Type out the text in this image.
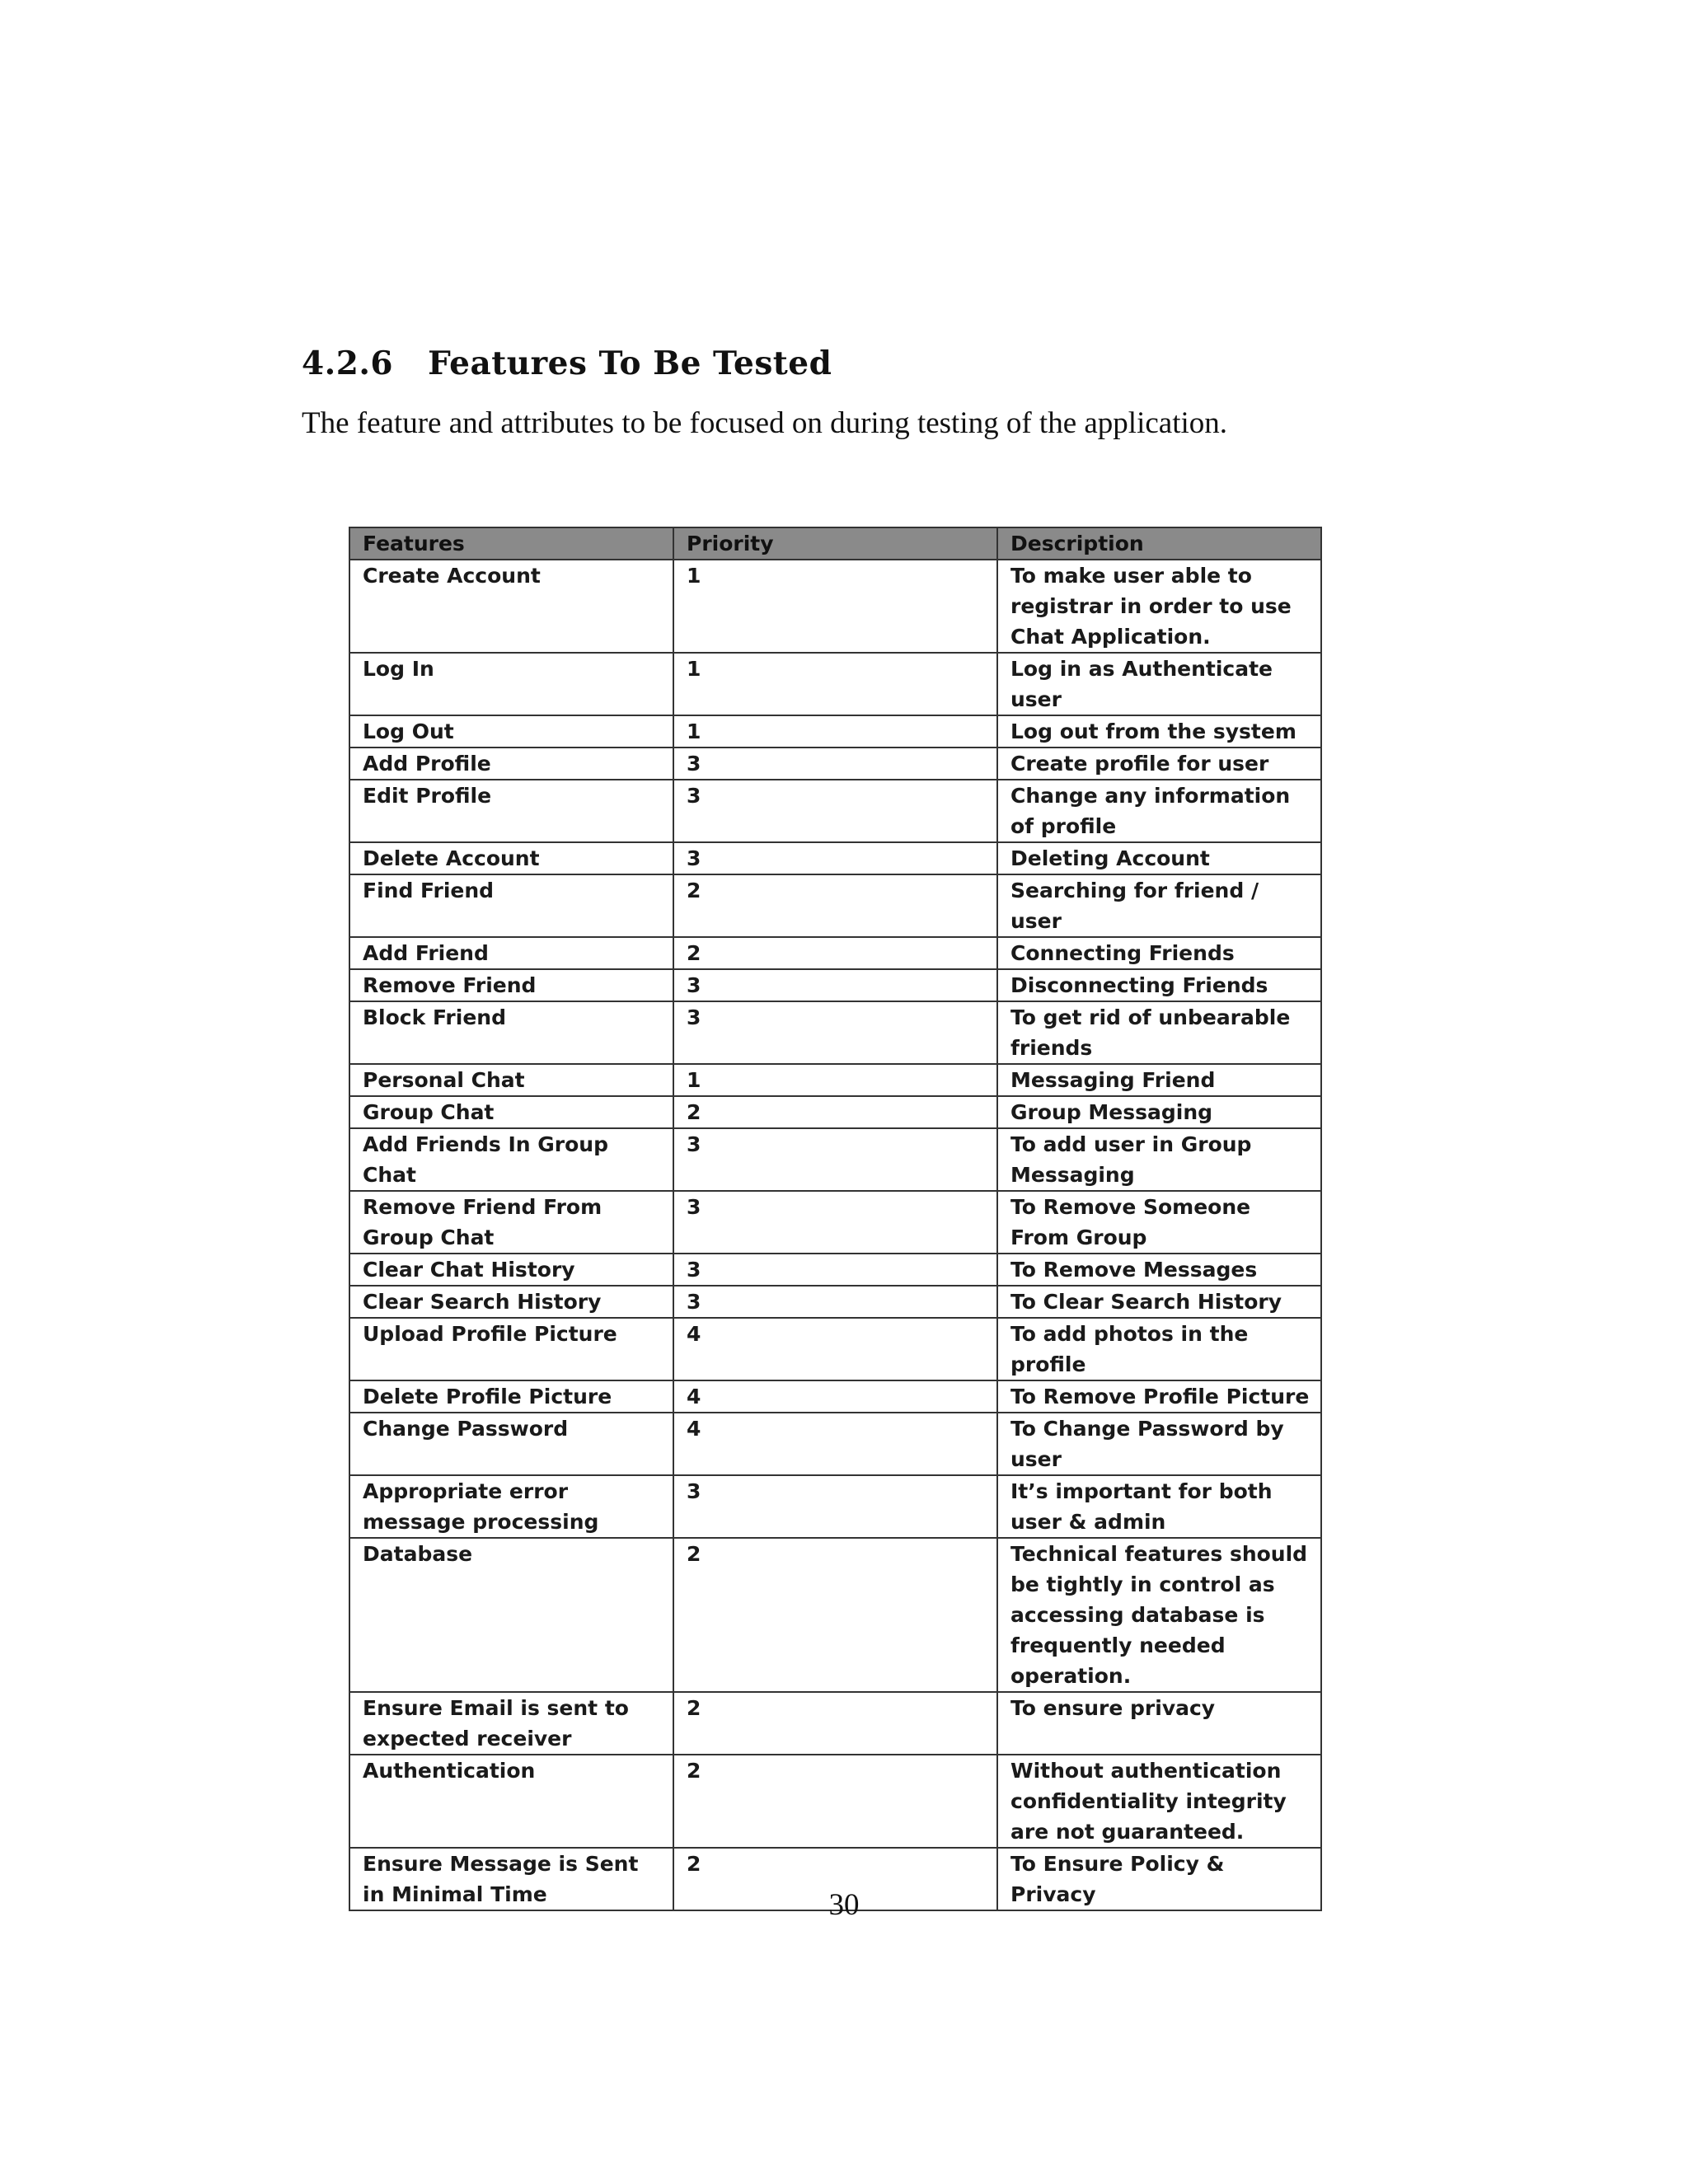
4.2.6 Features To Be Tested
The feature and attributes to be focused on during testing of the application.
Features	Priority	Description
Create Account	1	To make user able to registrar in order to use Chat Application.
Log In	1	Log in as Authenticate user
Log Out	1	Log out from the system
Add Profile	3	Create profile for user
Edit Profile	3	Change any information of profile
Delete Account	3	Deleting Account
Find Friend	2	Searching for friend / user
Add Friend	2	Connecting Friends
Remove Friend	3	Disconnecting Friends
Block Friend	3	To get rid of unbearable friends
Personal Chat	1	Messaging Friend
Group Chat	2	Group Messaging
Add Friends In Group Chat	3	To add user in Group Messaging
Remove Friend From Group Chat	3	To Remove Someone From Group
Clear Chat History	3	To Remove Messages
Clear Search History	3	To Clear Search History
Upload Profile Picture	4	To add photos in the profile
Delete Profile Picture	4	To Remove Profile Picture
Change Password	4	To Change Password by user
Appropriate error message processing	3	It’s important for both user & admin
Database	2	Technical features should be tightly in control as accessing database is frequently needed operation.
Ensure Email is sent to expected receiver	2	To ensure privacy
Authentication	2	Without authentication confidentiality integrity are not guaranteed.
Ensure Message is Sent in Minimal Time	2	To Ensure Policy & Privacy
30
